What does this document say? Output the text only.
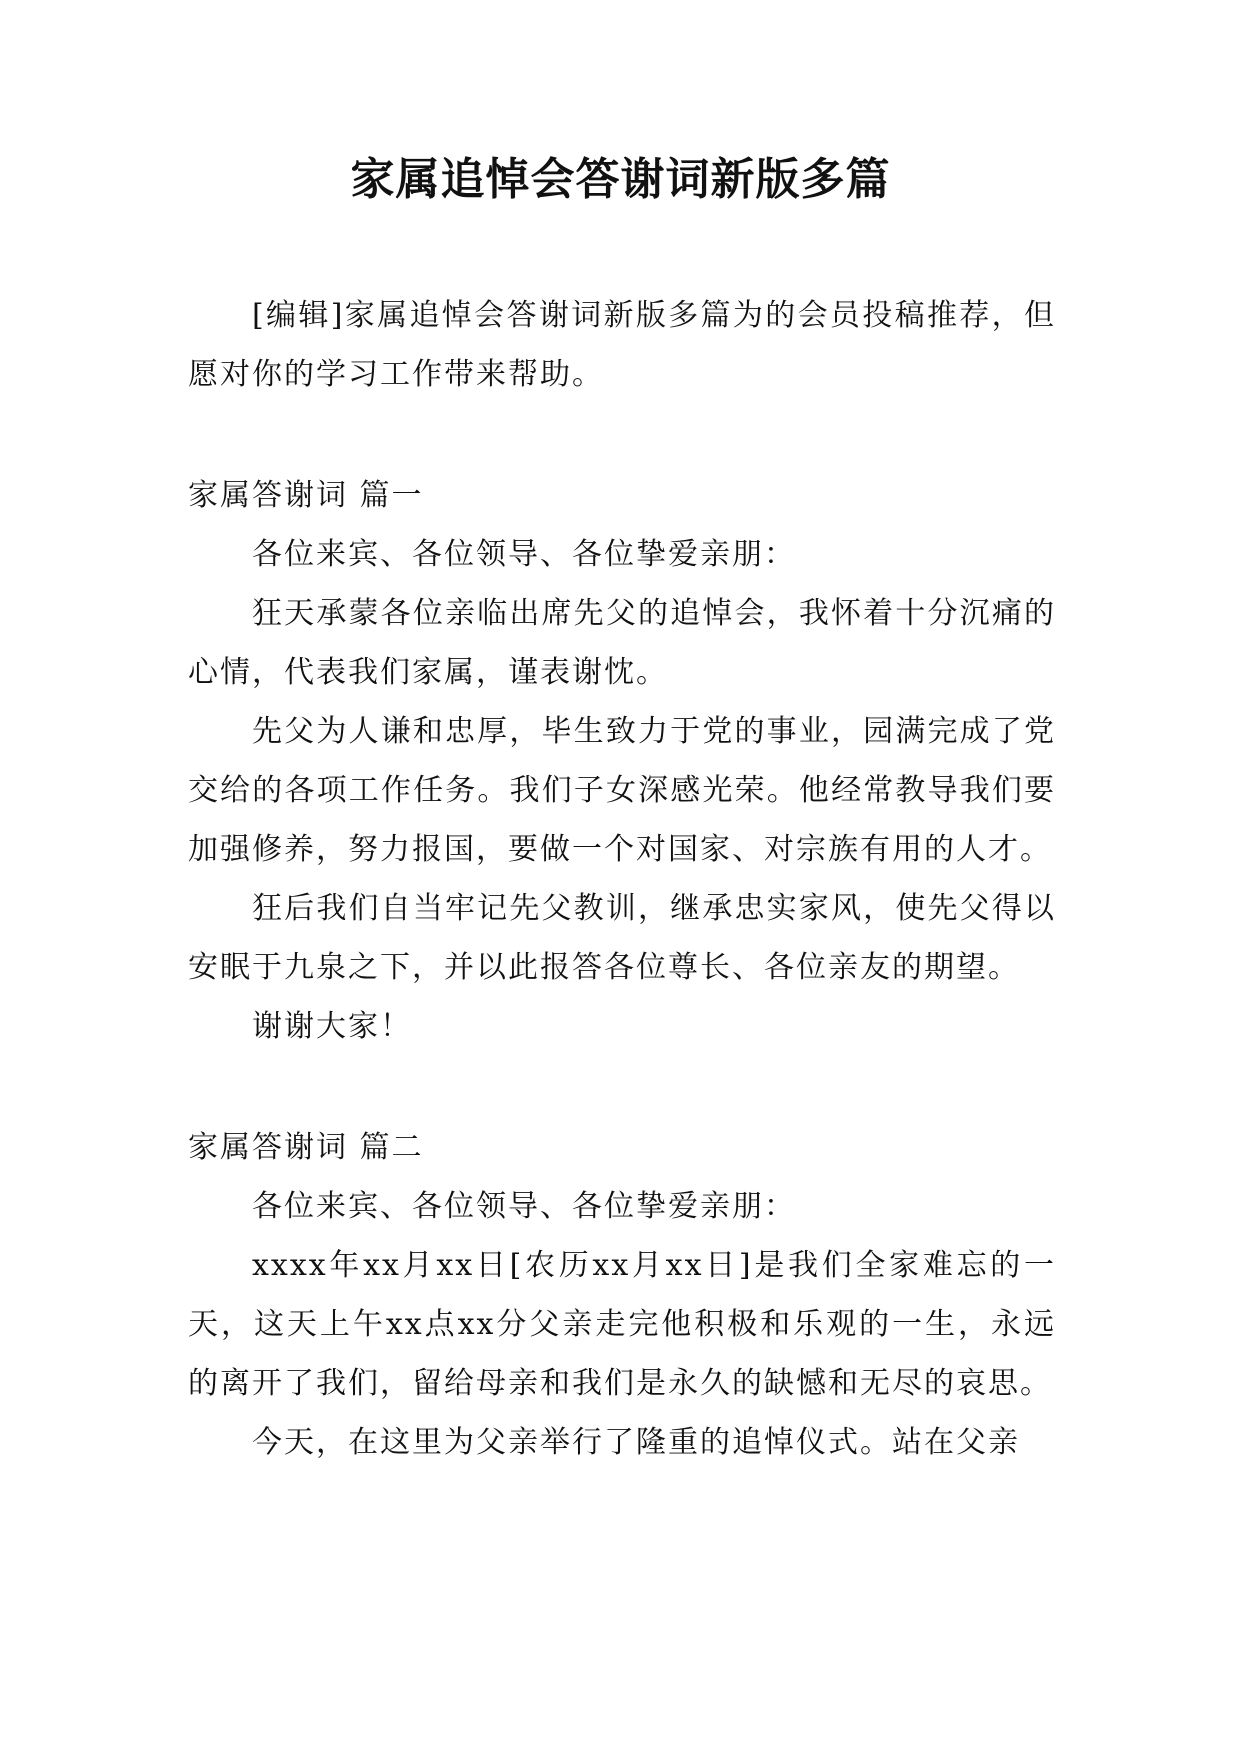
家属追悼会答谢词新版多篇

[编辑]家属追悼会答谢词新版多篇为的会员投稿推荐，但愿对你的学习工作带来帮助。

家属答谢词 篇一

各位来宾、各位领导、各位挚爱亲朋：

狂天承蒙各位亲临出席先父的追悼会，我怀着十分沉痛的心情，代表我们家属，谨表谢忱。

先父为人谦和忠厚，毕生致力于党的事业，园满完成了党交给的各项工作任务。我们子女深感光荣。他经常教导我们要加强修养，努力报国，要做一个对国家、对宗族有用的人才。

狂后我们自当牢记先父教训，继承忠实家风，使先父得以安眠于九泉之下，并以此报答各位尊长、各位亲友的期望。

谢谢大家！

家属答谢词 篇二

各位来宾、各位领导、各位挚爱亲朋：

xxxx年xx月xx日[农历xx月xx日]是我们全家难忘的一天，这天上午xx点xx分父亲走完他积极和乐观的一生，永远的离开了我们，留给母亲和我们是永久的缺憾和无尽的哀思。

今天，在这里为父亲举行了隆重的追悼仪式。站在父亲
